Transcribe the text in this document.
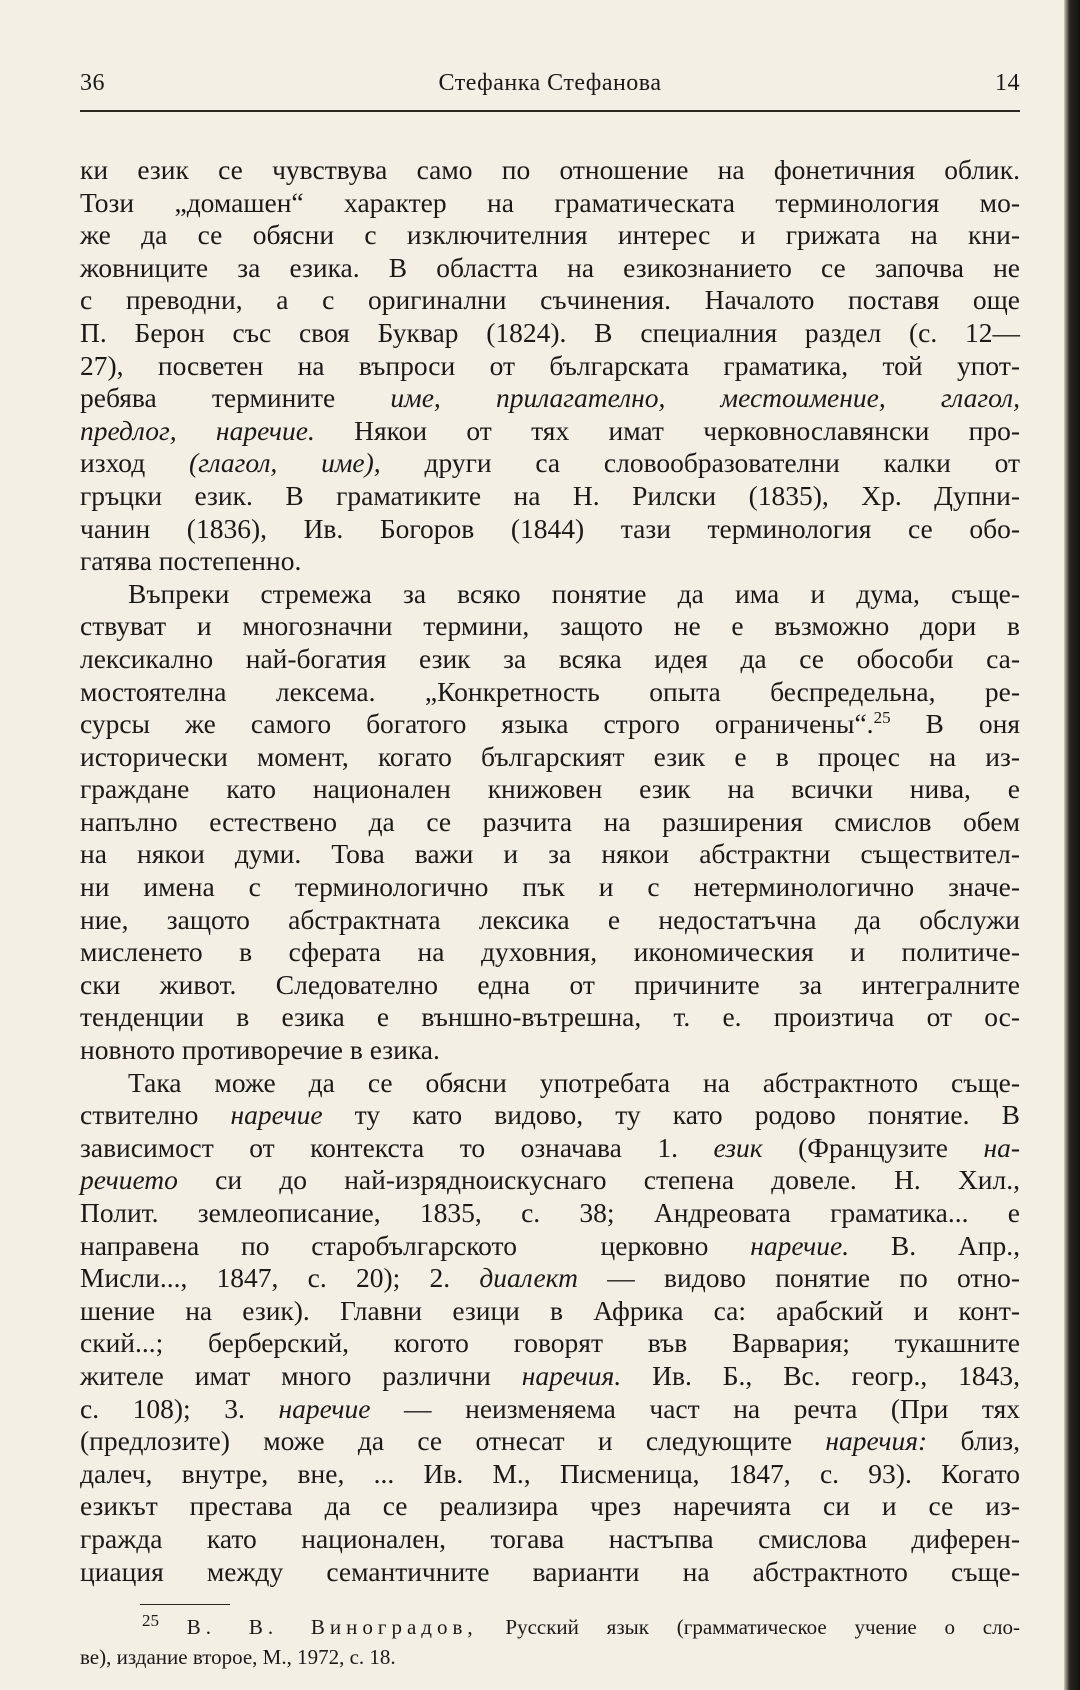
36	Стефанка Стефанова	14

ки език се чувствува само по отношение на фонетичния облик.
Този „домашен“ характер на граматическата терминология мо-
же да се обясни с изключителния интерес и грижата на кни-
жовниците за езика. В областта на езикознанието се започва не
с преводни, а с оригинални съчинения. Началото поставя още
П. Берон със своя Буквар (1824). В специалния раздел (с. 12—
27), посветен на въпроси от българската граматика, той упот-
ребява термините име, прилагателно, местоимение, глагол,
предлог, наречие. Някои от тях имат черковнославянски про-
изход (глагол, име), други са словообразователни калки от
гръцки език. В граматиките на Н. Рилски (1835), Хр. Дупни-
чанин (1836), Ив. Богоров (1844) тази терминология се обо-
гатява постепенно.

Въпреки стремежа за всяко понятие да има и дума, съще-
ствуват и многозначни термини, защото не е възможно дори в
лексикално най-богатия език за всяка идея да се обособи са-
мостоятелна лексема. „Конкретность опыта беспредельна, ре-
сурсы же самого богатого языка строго ограничены“.$^{25}$ В оня
исторически момент, когато българският език е в процес на из-
граждане като национален книжовен език на всички нива, е
напълно естествено да се разчита на разширения смислов обем
на някои думи. Това важи и за някои абстрактни съществител-
ни имена с терминологично пък и с нетерминологично значе-
ние, защото абстрактната лексика е недостатъчна да обслужи
мисленето в сферата на духовния, икономическия и политиче-
ски живот. Следователно една от причините за интегралните
тенденции в езика е външно-вътрешна, т. е. произтича от ос-
новното противоречие в езика.

Така може да се обясни употребата на абстрактното съще-
ствително наречие ту като видово, ту като родово понятие. В
зависимост от контекста то означава 1. език (Французите на-
речието си до най-изрядноискуснаго степена довеле. Н. Хил.,
Полит. землеописание, 1835, с. 38; Андреовата граматика... е
направена по старобългарското  церковно наречие. В. Апр.,
Мисли..., 1847, с. 20); 2. диалект — видово понятие по отно-
шение на език). Главни езици в Африка са: арабский и конт-
ский...; берберский, когото говорят във Варвария; тукашните
жителе имат много различни наречия. Ив. Б., Вс. геогр., 1843,
с. 108); 3. наречие — неизменяема част на речта (При тях
(предлозите) може да се отнесат и следующите наречия: близ,
далеч, внутре, вне, ... Ив. М., Писменица, 1847, с. 93). Когато
езикът престава да се реализира чрез наречията си и се из-
гражда като национален, тогава настъпва смислова диферен-
циация между семантичните варианти на абстрактното съще-

$^{25}$ В. В. Виноградов, Русский язык (грамматическое учение о сло-
ве), издание второе, М., 1972, с. 18.
